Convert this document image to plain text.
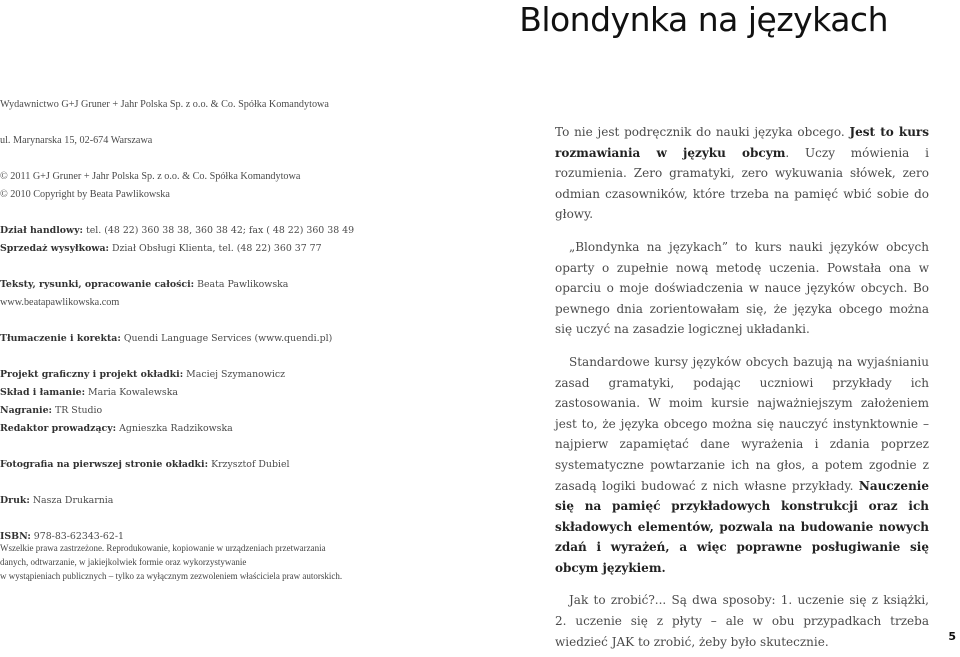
Blondynka na językach

Wydawnictwo G+J Gruner + Jahr Polska Sp. z o.o. & Co. Spółka Komandytowa

ul. Marynarska 15, 02-674 Warszawa

© 2011 G+J Gruner + Jahr Polska Sp. z o.o. & Co. Spółka Komandytowa

© 2010 Copyright by Beata Pawlikowska

Dział handlowy: tel. (48 22) 360 38 38, 360 38 42; fax ( 48 22) 360 38 49

Sprzedaż wysyłkowa: Dział Obsługi Klienta, tel. (48 22) 360 37 77

Teksty, rysunki, opracowanie całości: Beata Pawlikowska

www.beatapawlikowska.com

Tłumaczenie i korekta: Quendi Language Services (www.quendi.pl)

Projekt graficzny i projekt okładki: Maciej Szymanowicz

Skład i łamanie: Maria Kowalewska

Nagranie: TR Studio

Redaktor prowadzący: Agnieszka Radzikowska

Fotografia na pierwszej stronie okładki: Krzysztof Dubiel

Druk: Nasza Drukarnia

ISBN: 978-83-62343-62-1

Wszelkie prawa zastrzeżone. Reprodukowanie, kopiowanie w urządzeniach przetwarzania

danych, odtwarzanie, w jakiejkolwiek formie oraz wykorzystywanie

w wystąpieniach publicznych – tylko za wyłącznym zezwoleniem właściciela praw autorskich.

To nie jest podręcznik do nauki języka obcego. Jest to kurs rozmawiania w języku obcym. Uczy mówienia i rozumienia. Zero gramatyki, zero wykuwania słówek, zero odmian czasowników, które trzeba na pamięć wbić sobie do głowy.

„Blondynka na językach” to kurs nauki języków obcych oparty o zupełnie nową metodę uczenia. Powstała ona w oparciu o moje doświadczenia w nauce języków obcych. Bo pewnego dnia zorientowałam się, że języka obcego można się uczyć na zasadzie logicznej układanki.

Standardowe kursy języków obcych bazują na wyjaśnianiu zasad gramatyki, podając uczniowi przykłady ich zastosowania. W moim kursie najważniejszym założeniem jest to, że języka obcego można się nauczyć instynktownie – najpierw zapamiętać dane wyrażenia i zdania poprzez systematyczne powtarzanie ich na głos, a potem zgodnie z zasadą logiki budować z nich własne przykłady. Nauczenie się na pamięć przykładowych konstrukcji oraz ich składowych elementów, pozwala na budowanie nowych zdań i wyrażeń, a więc poprawne posługiwanie się obcym językiem.

Jak to zrobić?... Są dwa sposoby: 1. uczenie się z książki, 2. uczenie się z płyty – ale w obu przypadkach trzeba wiedzieć JAK to zrobić, żeby było skutecznie.	5
